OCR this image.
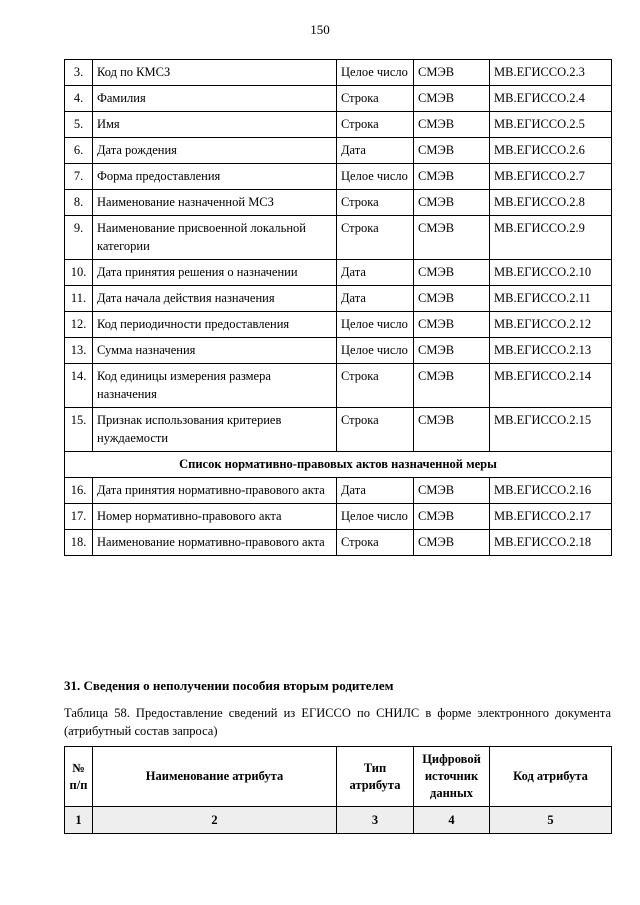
150
3.	Код по КМСЗ	Целое число	СМЭВ	МВ.ЕГИССО.2.3
4.	Фамилия	Строка	СМЭВ	МВ.ЕГИССО.2.4
5.	Имя	Строка	СМЭВ	МВ.ЕГИССО.2.5
6.	Дата рождения	Дата	СМЭВ	МВ.ЕГИССО.2.6
7.	Форма предоставления	Целое число	СМЭВ	МВ.ЕГИССО.2.7
8.	Наименование назначенной МСЗ	Строка	СМЭВ	МВ.ЕГИССО.2.8
9.	Наименование присвоенной локальной категории	Строка	СМЭВ	МВ.ЕГИССО.2.9
10.	Дата принятия решения о назначении	Дата	СМЭВ	МВ.ЕГИССО.2.10
11.	Дата начала действия назначения	Дата	СМЭВ	МВ.ЕГИССО.2.11
12.	Код периодичности предоставления	Целое число	СМЭВ	МВ.ЕГИССО.2.12
13.	Сумма назначения	Целое число	СМЭВ	МВ.ЕГИССО.2.13
14.	Код единицы измерения размера назначения	Строка	СМЭВ	МВ.ЕГИССО.2.14
15.	Признак использования критериев нуждаемости	Строка	СМЭВ	МВ.ЕГИССО.2.15
Список нормативно-правовых актов назначенной меры				
16.	Дата принятия нормативно-правового акта	Дата	СМЭВ	МВ.ЕГИССО.2.16
17.	Номер нормативно-правового акта	Целое число	СМЭВ	МВ.ЕГИССО.2.17
18.	Наименование нормативно-правового акта	Строка	СМЭВ	МВ.ЕГИССО.2.18
31. Сведения о неполучении пособия вторым родителем
Таблица 58. Предоставление сведений из ЕГИССО по СНИЛС в форме электронного документа (атрибутный состав запроса)
№ п/п	Наименование атрибута	Тип атрибута	Цифровой источник данных	Код атрибута
1	2	3	4	5
